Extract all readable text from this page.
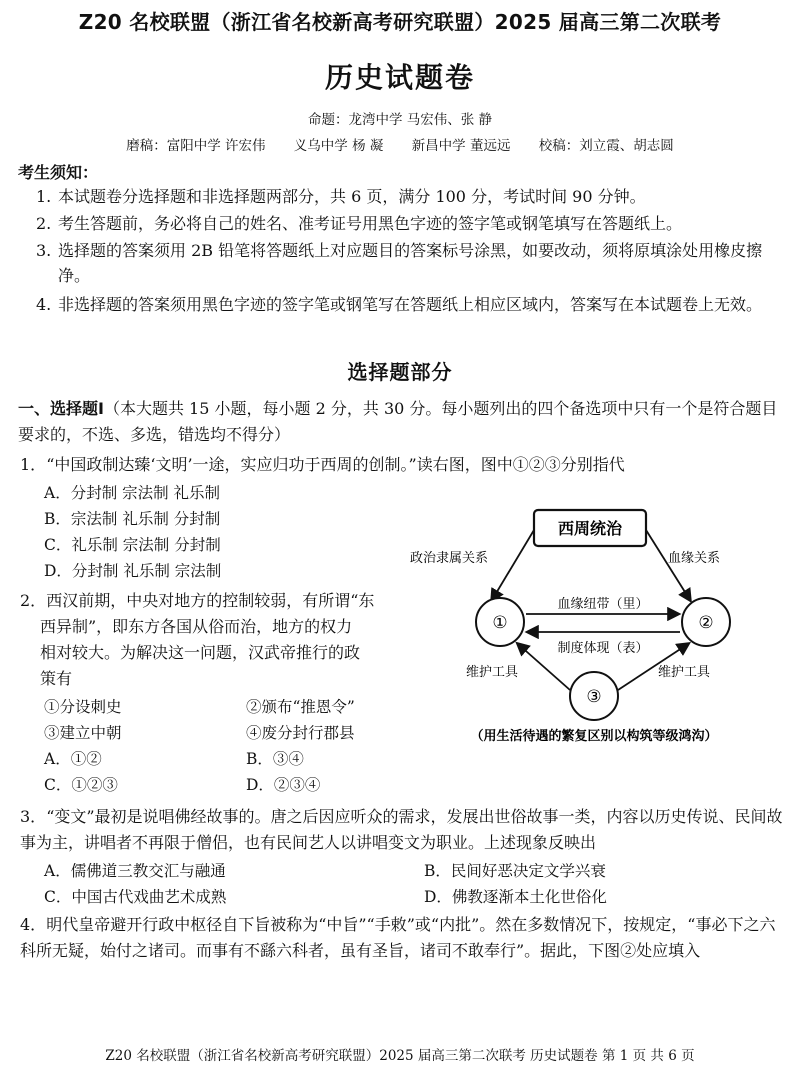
Z20 名校联盟（浙江省名校新高考研究联盟）2025 届高三第二次联考
历史试题卷
命题：龙湾中学 马宏伟、张 静
磨稿：富阳中学 许宏伟 义乌中学 杨 凝 新昌中学 董远远 校稿：刘立霞、胡志圆
考生须知：
1. 本试题卷分选择题和非选择题两部分，共 6 页，满分 100 分，考试时间 90 分钟。
2. 考生答题前，务必将自己的姓名、准考证号用黑色字迹的签字笔或钢笔填写在答题纸上。
3. 选择题的答案须用 2B 铅笔将答题纸上对应题目的答案标号涂黑，如要改动，须将原填涂处用橡皮擦净。
4. 非选择题的答案须用黑色字迹的签字笔或钢笔写在答题纸上相应区域内，答案写在本试题卷上无效。
选择题部分
一、选择题Ⅰ（本大题共 15 小题，每小题 2 分，共 30 分。每小题列出的四个备选项中只有一个是符合题目要求的，不选、多选，错选均不得分）
1．“中国政制达臻‘文明’一途，实应归功于西周的创制。”读右图，图中①②③分别指代
A．分封制 宗法制 礼乐制
B．宗法制 礼乐制 分封制
C．礼乐制 宗法制 分封制
D．分封制 礼乐制 宗法制
2．西汉前期，中央对地方的控制较弱，有所谓“东
西异制”，即东方各国从俗而治，地方的权力
相对较大。为解决这一问题，汉武帝推行的政
策有
①分设刺史	②颁布“推恩令”
③建立中朝	④废分封行郡县
A．①②	B．③④
C．①②③	D．②③④
西周统治
政治隶属关系	血缘关系
①	②
③
血缘纽带（里）
制度体现（表）
维护工具	维护工具
（用生活待遇的繁复区别以构筑等级鸿沟）
3．“变文”最初是说唱佛经故事的。唐之后因应听众的需求，发展出世俗故事一类，内容以历史传说、民间故事为主，讲唱者不再限于僧侣，也有民间艺人以讲唱变文为职业。上述现象反映出
A．儒佛道三教交汇与融通	B．民间好恶决定文学兴衰
C．中国古代戏曲艺术成熟	D．佛教逐渐本土化世俗化
4．明代皇帝避开行政中枢径自下旨被称为“中旨”“手敕”或“内批”。然在多数情况下，按规定，“事必下之六科所无疑，始付之诸司。而事有不繇六科者，虽有圣旨，诸司不敢奉行”。据此，下图②处应填入
Z20 名校联盟（浙江省名校新高考研究联盟）2025 届高三第二次联考 历史试题卷 第 1 页 共 6 页
